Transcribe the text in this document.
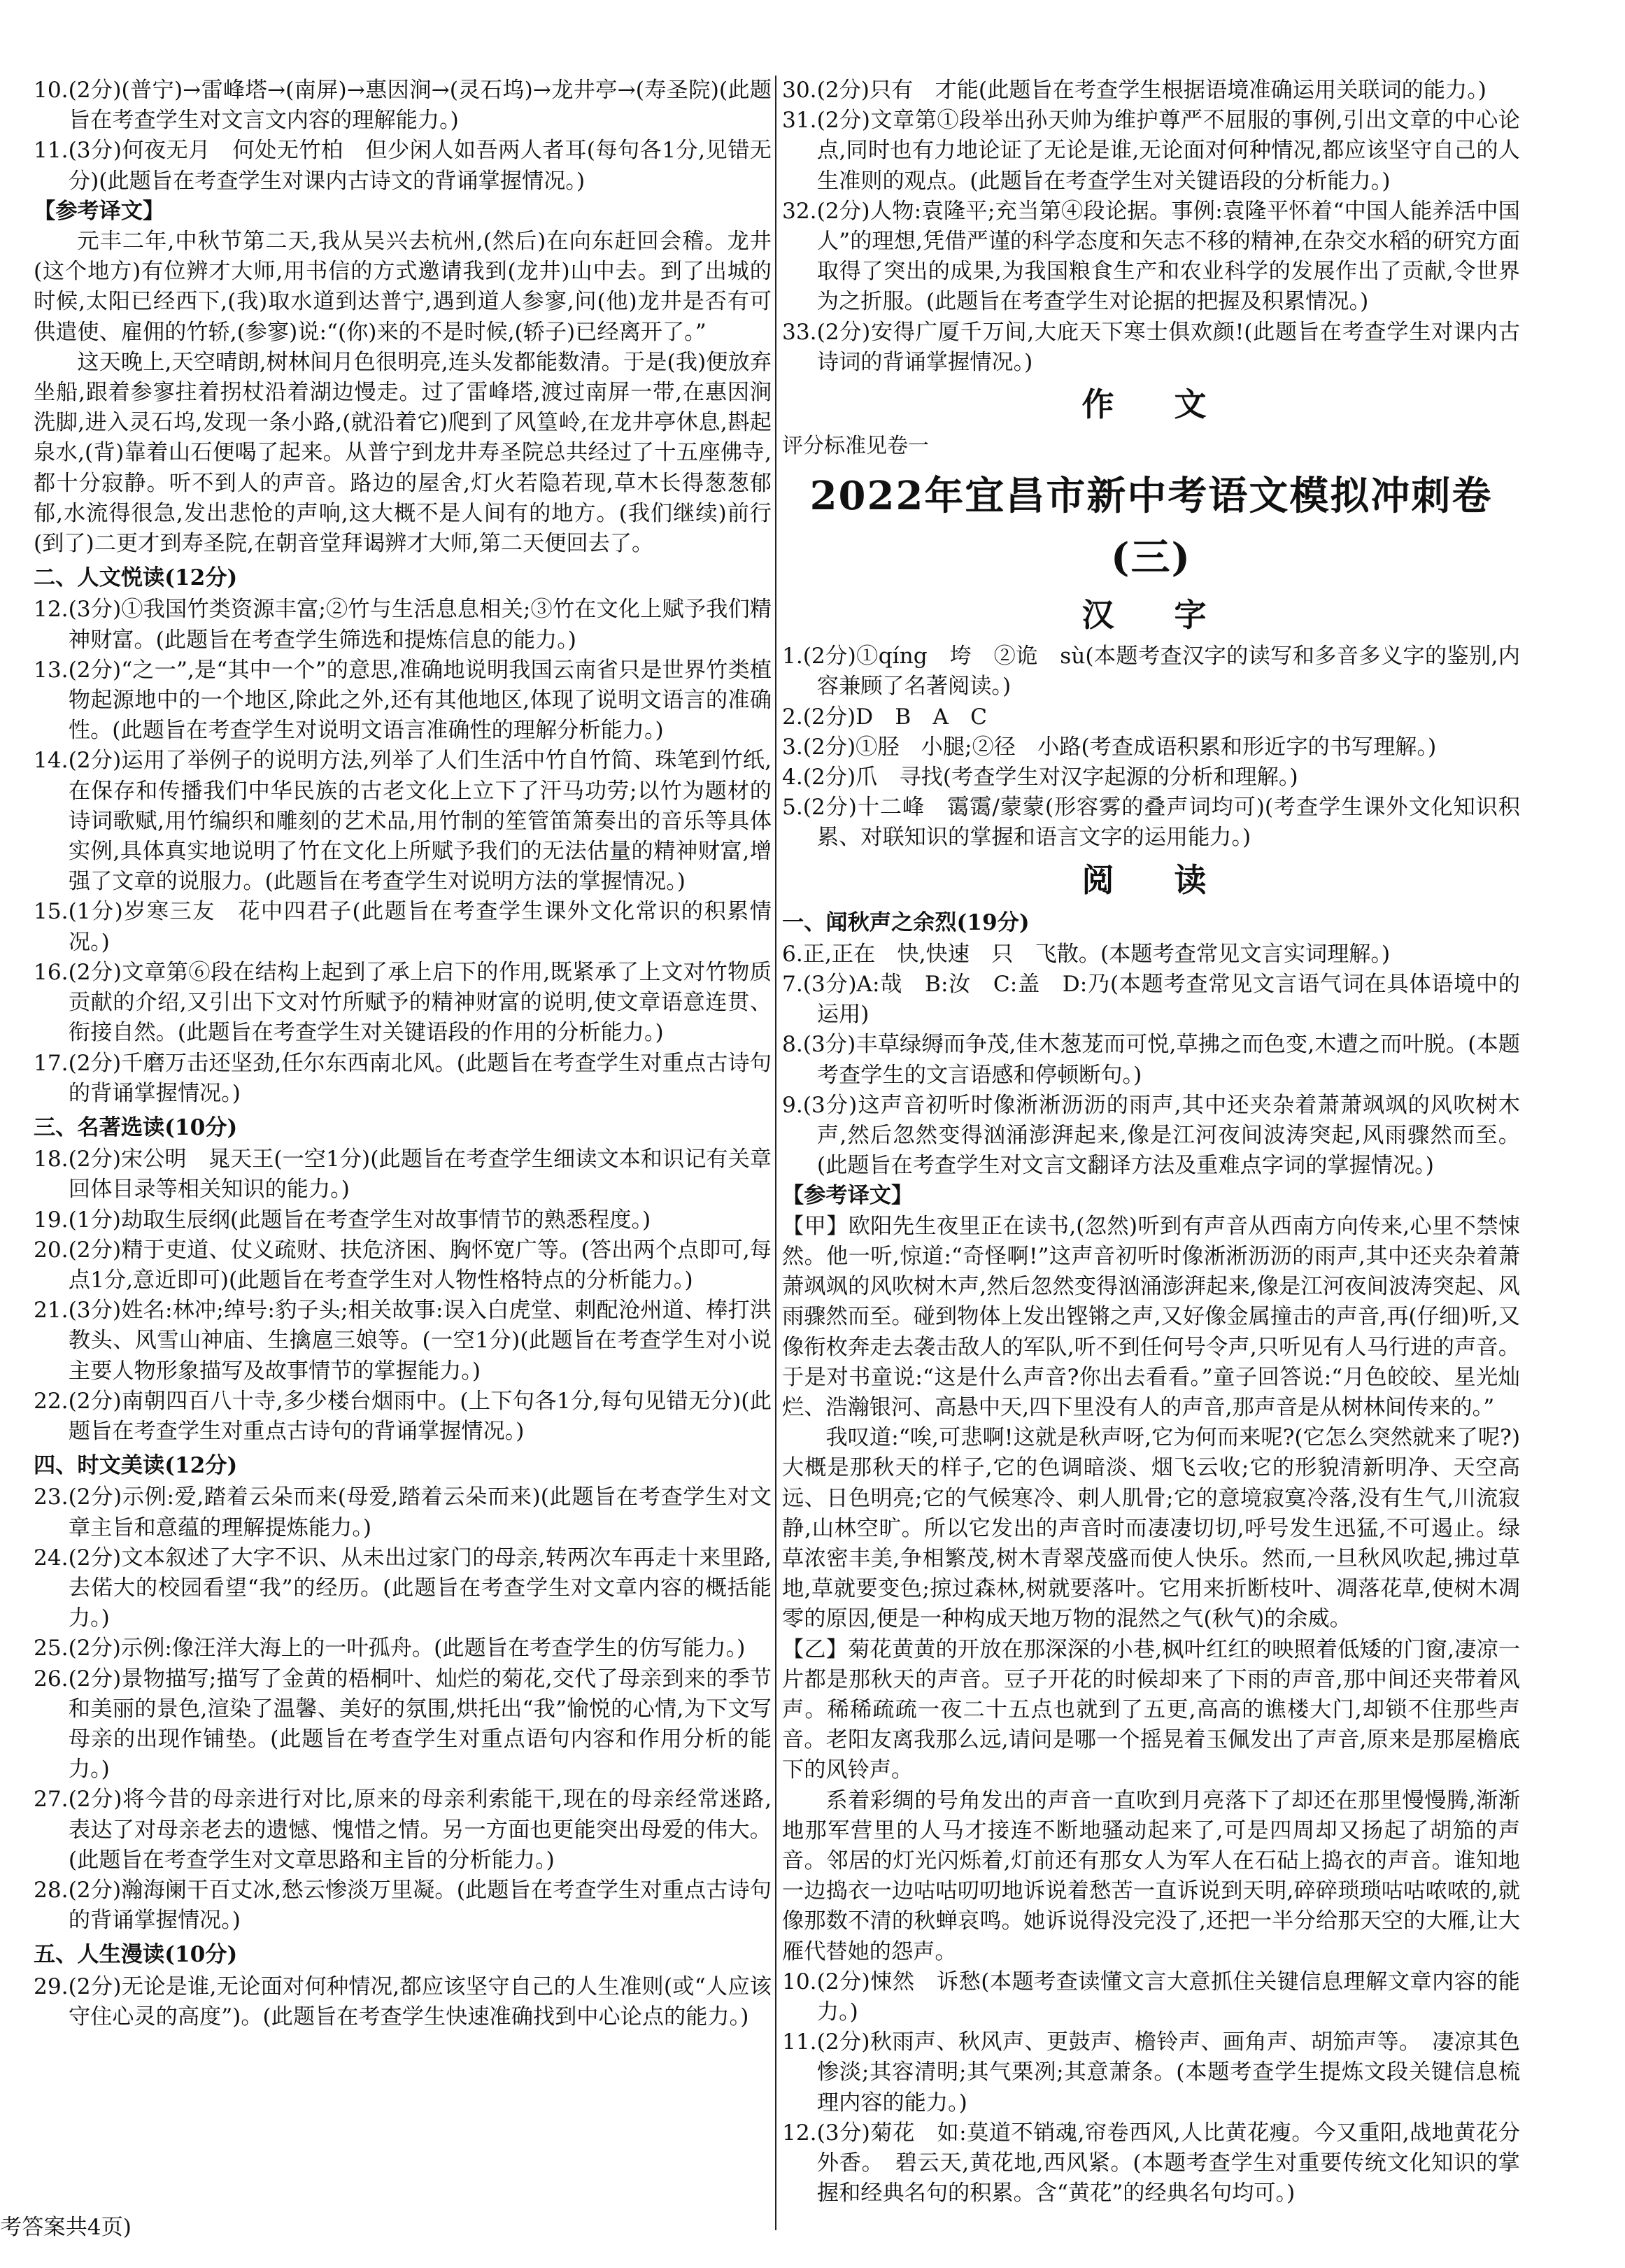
10.(2分)(普宁)→雷峰塔→(南屏)→惠因涧→(灵石坞)→龙井亭→(寿圣院)(此题旨在考查学生对文言文内容的理解能力。)

11.(3分)何夜无月　何处无竹柏　但少闲人如吾两人者耳(每句各1分,见错无分)(此题旨在考查学生对课内古诗文的背诵掌握情况。)

【参考译文】

元丰二年,中秋节第二天,我从吴兴去杭州,(然后)在向东赶回会稽。龙井(这个地方)有位辨才大师,用书信的方式邀请我到(龙井)山中去。到了出城的时候,太阳已经西下,(我)取水道到达普宁,遇到道人参寥,问(他)龙井是否有可供遣使、雇佣的竹轿,(参寥)说:“(你)来的不是时候,(轿子)已经离开了。”

这天晚上,天空晴朗,树林间月色很明亮,连头发都能数清。于是(我)便放弃坐船,跟着参寥拄着拐杖沿着湖边慢走。过了雷峰塔,渡过南屏一带,在惠因涧洗脚,进入灵石坞,发现一条小路,(就沿着它)爬到了风篁岭,在龙井亭休息,斟起泉水,(背)靠着山石便喝了起来。从普宁到龙井寿圣院总共经过了十五座佛寺,都十分寂静。听不到人的声音。路边的屋舍,灯火若隐若现,草木长得葱葱郁郁,水流得很急,发出悲怆的声响,这大概不是人间有的地方。(我们继续)前行(到了)二更才到寿圣院,在朝音堂拜谒辨才大师,第二天便回去了。

二、人文悦读(12分)

12.(3分)①我国竹类资源丰富;②竹与生活息息相关;③竹在文化上赋予我们精神财富。(此题旨在考查学生筛选和提炼信息的能力。)

13.(2分)“之一”,是“其中一个”的意思,准确地说明我国云南省只是世界竹类植物起源地中的一个地区,除此之外,还有其他地区,体现了说明文语言的准确性。(此题旨在考查学生对说明文语言准确性的理解分析能力。)

14.(2分)运用了举例子的说明方法,列举了人们生活中竹自竹简、珠笔到竹纸,在保存和传播我们中华民族的古老文化上立下了汗马功劳;以竹为题材的诗词歌赋,用竹编织和雕刻的艺术品,用竹制的笙管笛箫奏出的音乐等具体实例,具体真实地说明了竹在文化上所赋予我们的无法估量的精神财富,增强了文章的说服力。(此题旨在考查学生对说明方法的掌握情况。)

15.(1分)岁寒三友　花中四君子(此题旨在考查学生课外文化常识的积累情况。)

16.(2分)文章第⑥段在结构上起到了承上启下的作用,既紧承了上文对竹物质贡献的介绍,又引出下文对竹所赋予的精神财富的说明,使文章语意连贯、衔接自然。(此题旨在考查学生对关键语段的作用的分析能力。)

17.(2分)千磨万击还坚劲,任尔东西南北风。(此题旨在考查学生对重点古诗句的背诵掌握情况。)

三、名著选读(10分)

18.(2分)宋公明　晁天王(一空1分)(此题旨在考查学生细读文本和识记有关章回体目录等相关知识的能力。)

19.(1分)劫取生辰纲(此题旨在考查学生对故事情节的熟悉程度。)

20.(2分)精于吏道、仗义疏财、扶危济困、胸怀宽广等。(答出两个点即可,每点1分,意近即可)(此题旨在考查学生对人物性格特点的分析能力。)

21.(3分)姓名:林冲;绰号:豹子头;相关故事:误入白虎堂、刺配沧州道、棒打洪教头、风雪山神庙、生擒扈三娘等。(一空1分)(此题旨在考查学生对小说主要人物形象描写及故事情节的掌握能力。)

22.(2分)南朝四百八十寺,多少楼台烟雨中。(上下句各1分,每句见错无分)(此题旨在考查学生对重点古诗句的背诵掌握情况。)

四、时文美读(12分)

23.(2分)示例:爱,踏着云朵而来(母爱,踏着云朵而来)(此题旨在考查学生对文章主旨和意蕴的理解提炼能力。)

24.(2分)文本叙述了大字不识、从未出过家门的母亲,转两次车再走十来里路,去偌大的校园看望“我”的经历。(此题旨在考查学生对文章内容的概括能力。)

25.(2分)示例:像汪洋大海上的一叶孤舟。(此题旨在考查学生的仿写能力。)

26.(2分)景物描写;描写了金黄的梧桐叶、灿烂的菊花,交代了母亲到来的季节和美丽的景色,渲染了温馨、美好的氛围,烘托出“我”愉悦的心情,为下文写母亲的出现作铺垫。(此题旨在考查学生对重点语句内容和作用分析的能力。)

27.(2分)将今昔的母亲进行对比,原来的母亲利索能干,现在的母亲经常迷路,表达了对母亲老去的遗憾、愧惜之情。另一方面也更能突出母爱的伟大。(此题旨在考查学生对文章思路和主旨的分析能力。)

28.(2分)瀚海阑干百丈冰,愁云惨淡万里凝。(此题旨在考查学生对重点古诗句的背诵掌握情况。)

五、人生漫读(10分)

29.(2分)无论是谁,无论面对何种情况,都应该坚守自己的人生准则(或“人应该守住心灵的高度”)。(此题旨在考查学生快速准确找到中心论点的能力。)

30.(2分)只有　才能(此题旨在考查学生根据语境准确运用关联词的能力。)

31.(2分)文章第①段举出孙天帅为维护尊严不屈服的事例,引出文章的中心论点,同时也有力地论证了无论是谁,无论面对何种情况,都应该坚守自己的人生准则的观点。(此题旨在考查学生对关键语段的分析能力。)

32.(2分)人物:袁隆平;充当第④段论据。事例:袁隆平怀着“中国人能养活中国人”的理想,凭借严谨的科学态度和矢志不移的精神,在杂交水稻的研究方面取得了突出的成果,为我国粮食生产和农业科学的发展作出了贡献,令世界为之折服。(此题旨在考查学生对论据的把握及积累情况。)

33.(2分)安得广厦千万间,大庇天下寒士俱欢颜!(此题旨在考查学生对课内古诗词的背诵掌握情况。)

作　文

评分标准见卷一

2022年宜昌市新中考语文模拟冲刺卷(三)

汉　字

1.(2分)①qíng　垮　②诡　sù(本题考查汉字的读写和多音多义字的鉴别,内容兼顾了名著阅读。)

2.(2分)D　B　A　C

3.(2分)①胫　小腿;②径　小路(考查成语积累和形近字的书写理解。)

4.(2分)爪　寻找(考查学生对汉字起源的分析和理解。)

5.(2分)十二峰　霭霭/蒙蒙(形容雾的叠声词均可)(考查学生课外文化知识积累、对联知识的掌握和语言文字的运用能力。)

阅　读

一、闻秋声之余烈(19分)

6.正,正在　快,快速　只　飞散。(本题考查常见文言实词理解。)

7.(3分)A:哉　B:汝　C:盖　D:乃(本题考查常见文言语气词在具体语境中的运用)

8.(3分)丰草绿缛而争茂,佳木葱茏而可悦,草拂之而色变,木遭之而叶脱。(本题考查学生的文言语感和停顿断句。)

9.(3分)这声音初听时像淅淅沥沥的雨声,其中还夹杂着萧萧飒飒的风吹树木声,然后忽然变得汹涌澎湃起来,像是江河夜间波涛突起,风雨骤然而至。(此题旨在考查学生对文言文翻译方法及重难点字词的掌握情况。)

【参考译文】

【甲】欧阳先生夜里正在读书,(忽然)听到有声音从西南方向传来,心里不禁悚然。他一听,惊道:“奇怪啊!”这声音初听时像淅淅沥沥的雨声,其中还夹杂着萧萧飒飒的风吹树木声,然后忽然变得汹涌澎湃起来,像是江河夜间波涛突起、风雨骤然而至。碰到物体上发出铿锵之声,又好像金属撞击的声音,再(仔细)听,又像衔枚奔走去袭击敌人的军队,听不到任何号令声,只听见有人马行进的声音。于是对书童说:“这是什么声音?你出去看看。”童子回答说:“月色皎皎、星光灿烂、浩瀚银河、高悬中天,四下里没有人的声音,那声音是从树林间传来的。”

我叹道:“唉,可悲啊!这就是秋声呀,它为何而来呢?(它怎么突然就来了呢?)大概是那秋天的样子,它的色调暗淡、烟飞云收;它的形貌清新明净、天空高远、日色明亮;它的气候寒冷、刺人肌骨;它的意境寂寞冷落,没有生气,川流寂静,山林空旷。所以它发出的声音时而凄凄切切,呼号发生迅猛,不可遏止。绿草浓密丰美,争相繁茂,树木青翠茂盛而使人快乐。然而,一旦秋风吹起,拂过草地,草就要变色;掠过森林,树就要落叶。它用来折断枝叶、凋落花草,使树木凋零的原因,便是一种构成天地万物的混然之气(秋气)的余威。

【乙】菊花黄黄的开放在那深深的小巷,枫叶红红的映照着低矮的门窗,凄凉一片都是那秋天的声音。豆子开花的时候却来了下雨的声音,那中间还夹带着风声。稀稀疏疏一夜二十五点也就到了五更,高高的谯楼大门,却锁不住那些声音。老阳友离我那么远,请问是哪一个摇晃着玉佩发出了声音,原来是那屋檐底下的风铃声。

系着彩绸的号角发出的声音一直吹到月亮落下了却还在那里慢慢腾,渐渐地那军营里的人马才接连不断地骚动起来了,可是四周却又扬起了胡笳的声音。邻居的灯光闪烁着,灯前还有那女人为军人在石砧上捣衣的声音。谁知地一边捣衣一边咕咕叨叨地诉说着愁苦一直诉说到天明,碎碎琐琐咕咕哝哝的,就像那数不清的秋蝉哀鸣。她诉说得没完没了,还把一半分给那天空的大雁,让大雁代替她的怨声。

10.(2分)悚然　诉愁(本题考查读懂文言大意抓住关键信息理解文章内容的能力。)

11.(2分)秋雨声、秋风声、更鼓声、檐铃声、画角声、胡笳声等。　凄凉其色惨淡;其容清明;其气栗冽;其意萧条。(本题考查学生提炼文段关键信息梳理内容的能力。)

12.(3分)菊花　如:莫道不销魂,帘卷西风,人比黄花瘦。今又重阳,战地黄花分外香。　碧云天,黄花地,西风紧。(本题考查学生对重要传统文化知识的掌握和经典名句的积累。含“黄花”的经典名句均可。)

考答案共4页)
